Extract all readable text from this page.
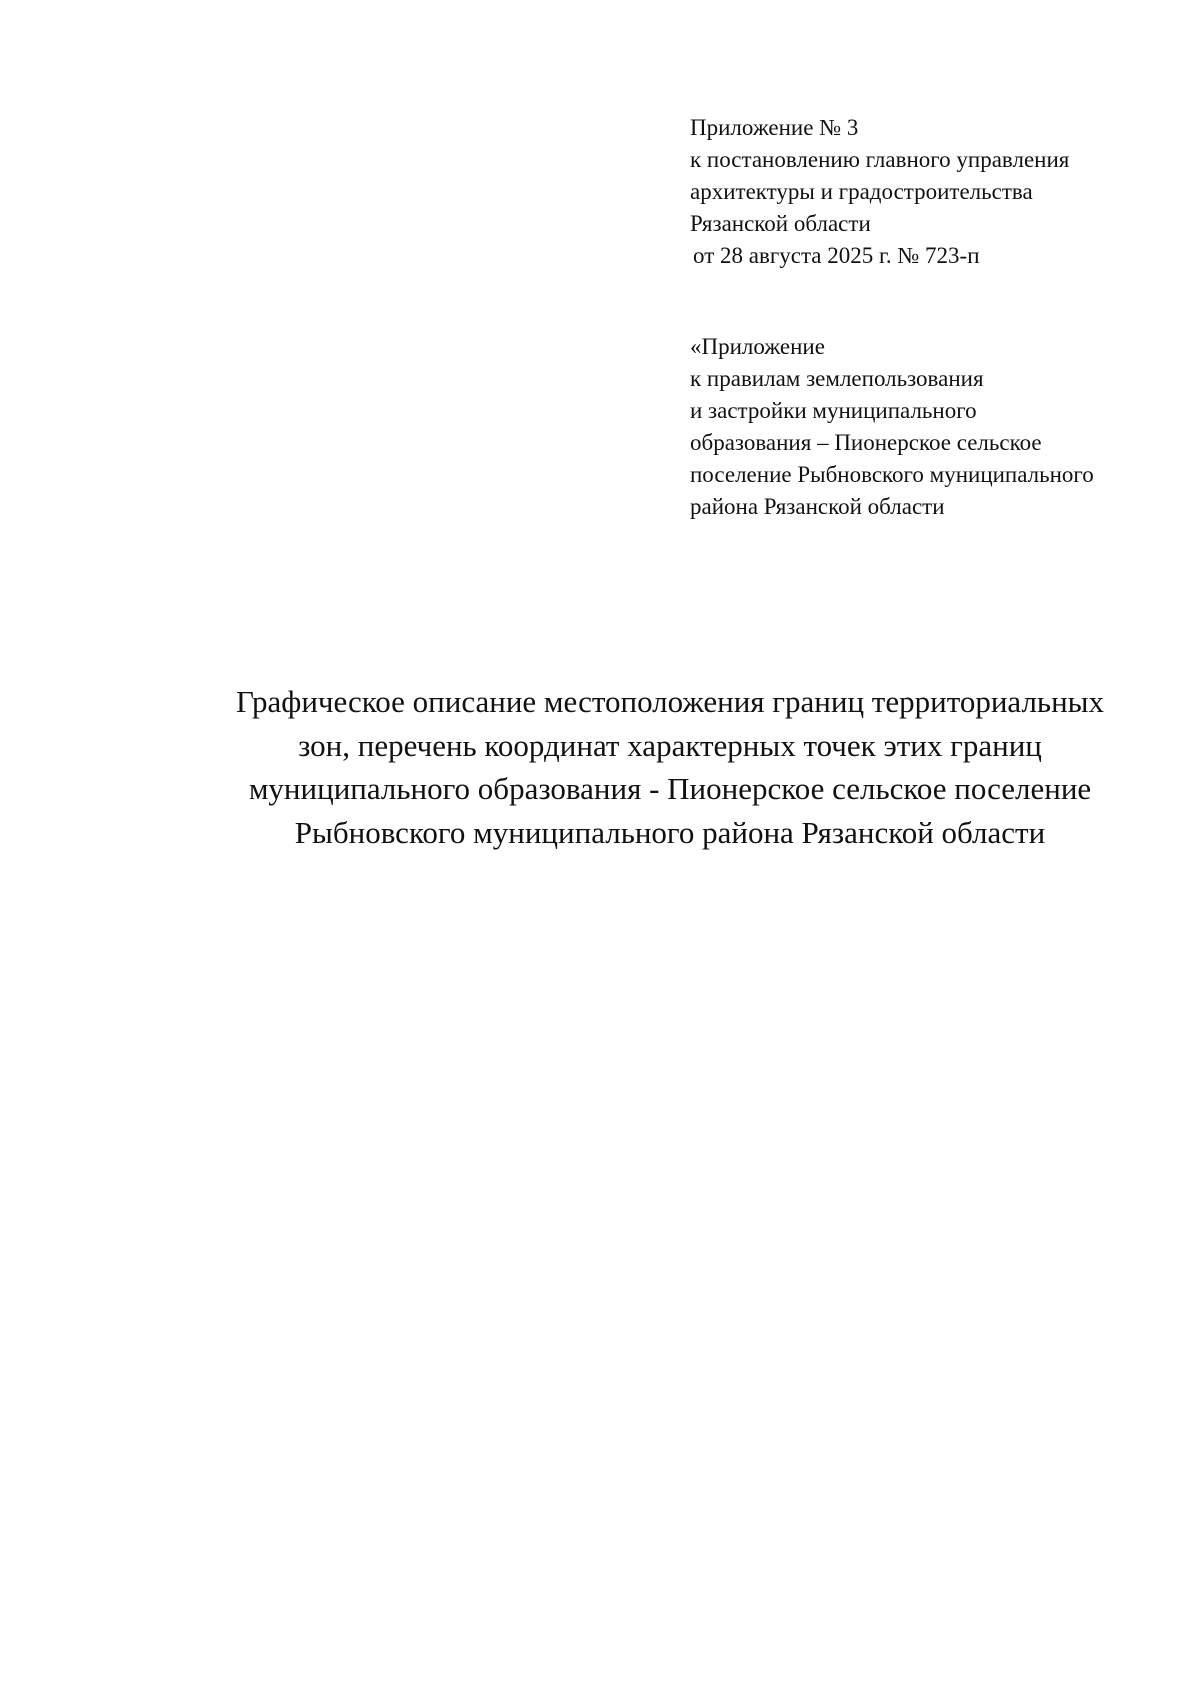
Приложение № 3
к постановлению главного управления
архитектуры и градостроительства
Рязанской области
от 28 августа 2025 г. № 723-п
«Приложение
к правилам землепользования
и застройки муниципального
образования – Пионерское сельское
поселение Рыбновского муниципального
района Рязанской области
Графическое описание местоположения границ территориальных
зон, перечень координат характерных точек этих границ
муниципального образования - Пионерское сельское поселение
Рыбновского муниципального района Рязанской области
